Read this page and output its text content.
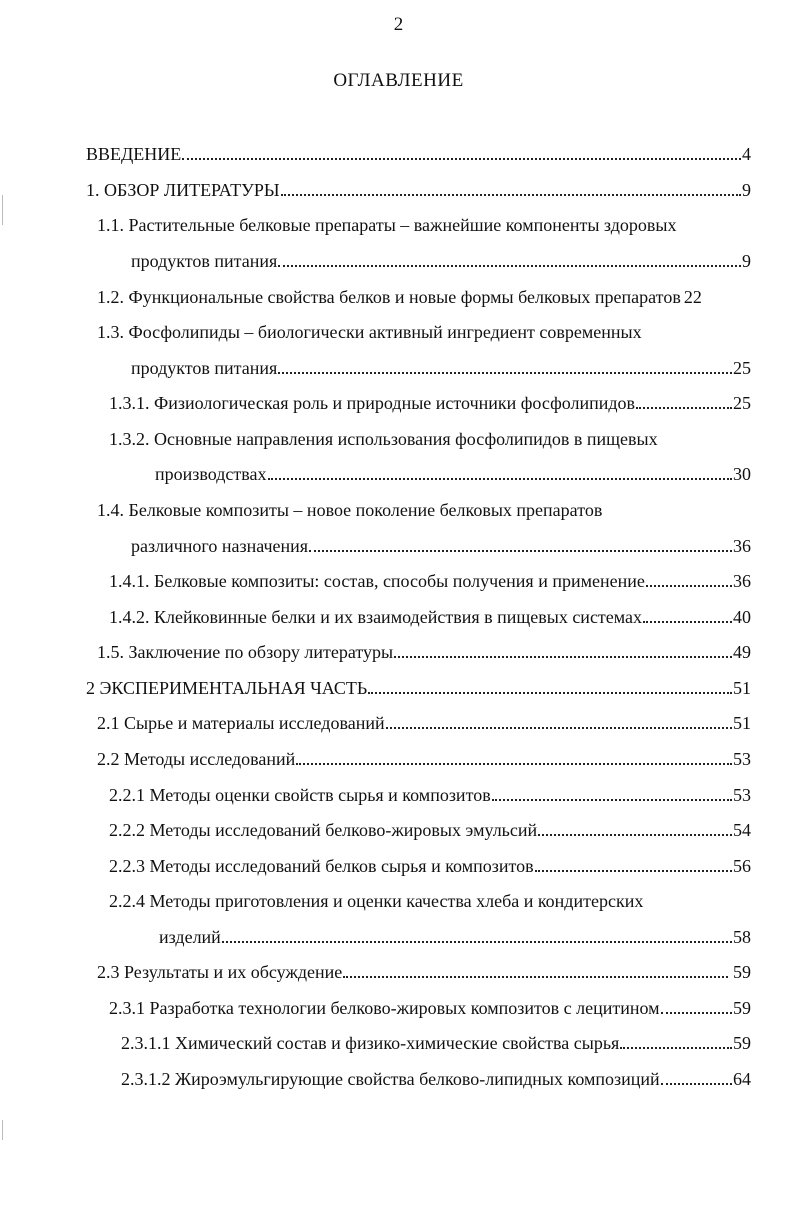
2
ОГЛАВЛЕНИЕ
ВВЕДЕНИЕ	4
1. ОБЗОР ЛИТЕРАТУРЫ	9
1.1. Растительные белковые препараты – важнейшие компоненты здоровых
продуктов питания	9
1.2. Функциональные свойства белков и новые формы белковых препаратов 22
1.3. Фосфолипиды – биологически активный ингредиент современных
продуктов питания	25
1.3.1. Физиологическая роль и природные источники фосфолипидов	25
1.3.2. Основные направления использования фосфолипидов в пищевых
производствах	30
1.4. Белковые композиты – новое поколение белковых препаратов
различного назначения	36
1.4.1. Белковые композиты: состав, способы получения и применение	36
1.4.2. Клейковинные белки и их взаимодействия в пищевых системах	40
1.5. Заключение по обзору литературы	49
2 ЭКСПЕРИМЕНТАЛЬНАЯ ЧАСТЬ	51
2.1 Сырье и материалы исследований	51
2.2 Методы исследований	53
2.2.1 Методы оценки свойств сырья и композитов	53
2.2.2 Методы исследований белково-жировых эмульсий	54
2.2.3 Методы исследований белков сырья и композитов	56
2.2.4 Методы приготовления и оценки качества хлеба и кондитерских
изделий	58
2.3 Результаты и их обсуждение	59
2.3.1 Разработка технологии белково-жировых композитов с лецитином	59
2.3.1.1 Химический состав и физико-химические свойства сырья	59
2.3.1.2 Жироэмульгирующие свойства белково-липидных композиций	64
